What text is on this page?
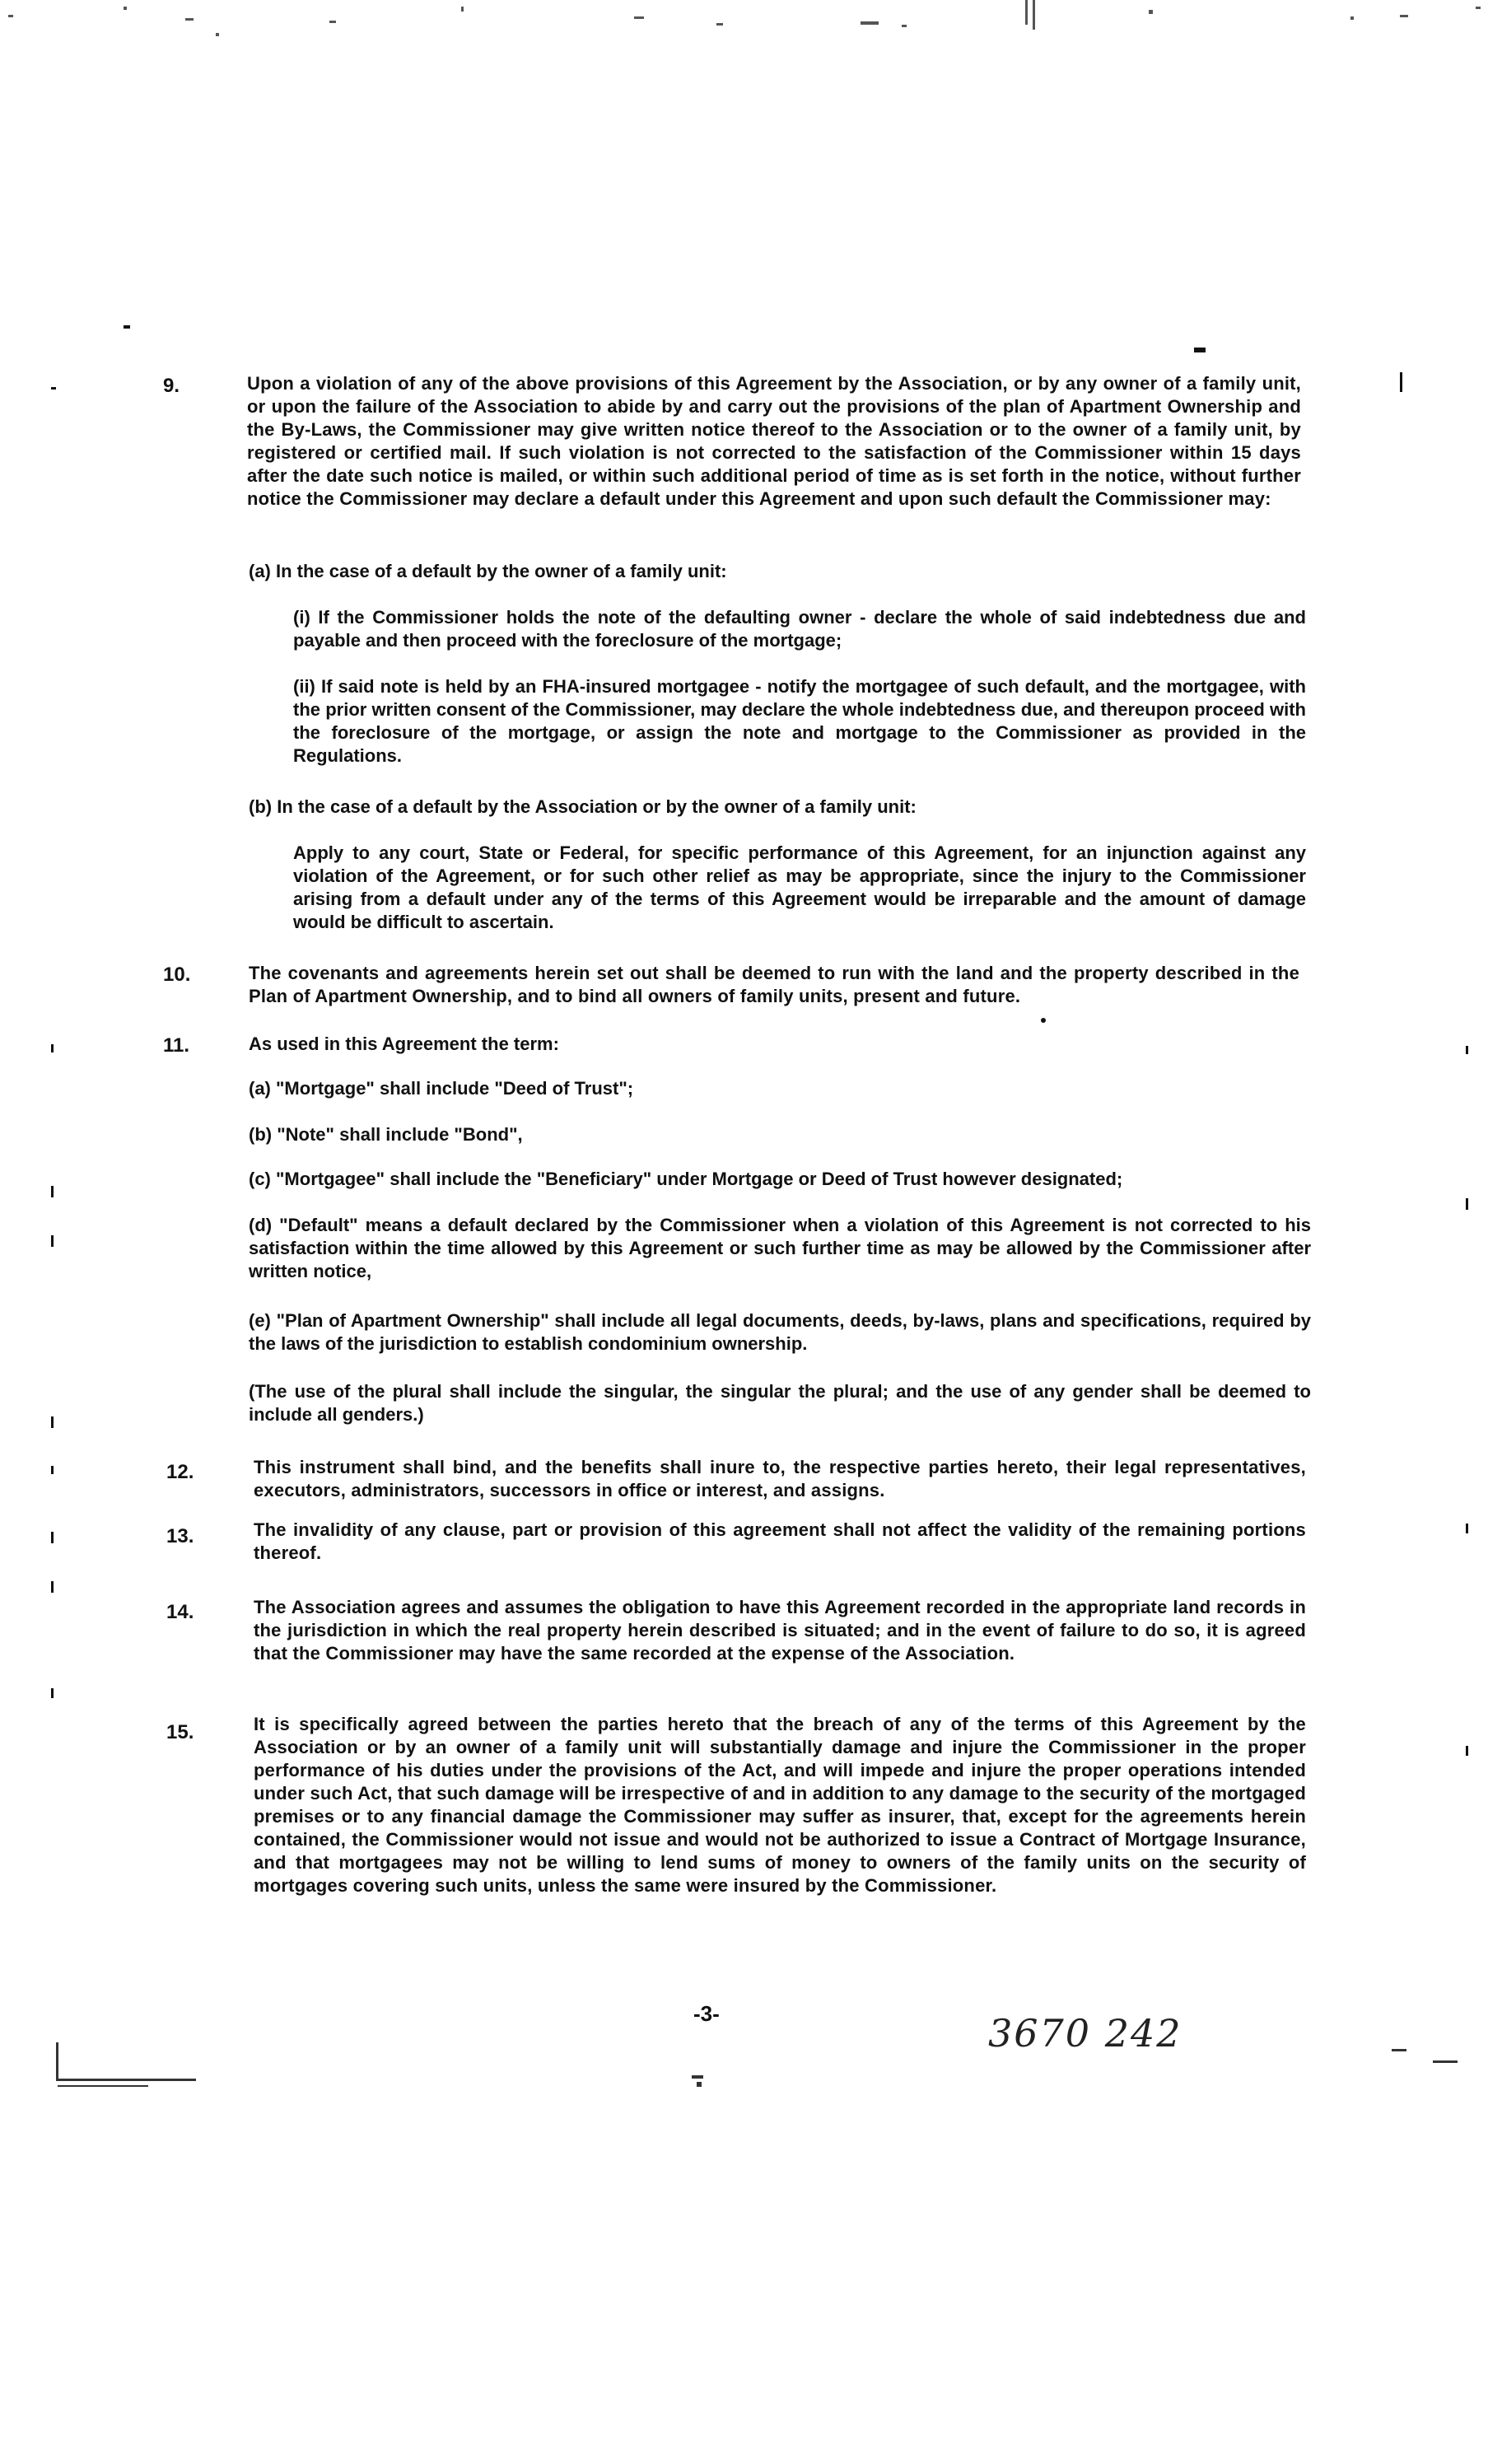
9.	Upon a violation of any of the above provisions of this Agreement by the Association, or by any owner of a family unit, or upon the failure of the Association to abide by and carry out the provisions of the plan of Apartment Ownership and the By-Laws, the Commissioner may give written notice thereof to the Association or to the owner of a family unit, by registered or certified mail. If such violation is not corrected to the satisfaction of the Commissioner within 15 days after the date such notice is mailed, or within such additional period of time as is set forth in the notice, without further notice the Commissioner may declare a default under this Agreement and upon such default the Commissioner may:
(a) In the case of a default by the owner of a family unit:
(i) If the Commissioner holds the note of the defaulting owner - declare the whole of said indebtedness due and payable and then proceed with the foreclosure of the mortgage;
(ii) If said note is held by an FHA-insured mortgagee - notify the mortgagee of such default, and the mortgagee, with the prior written consent of the Commissioner, may declare the whole indebtedness due, and thereupon proceed with the foreclosure of the mortgage, or assign the note and mortgage to the Commissioner as provided in the Regulations.
(b) In the case of a default by the Association or by the owner of a family unit:
Apply to any court, State or Federal, for specific performance of this Agreement, for an injunction against any violation of the Agreement, or for such other relief as may be appropriate, since the injury to the Commissioner arising from a default under any of the terms of this Agreement would be irreparable and the amount of damage would be difficult to ascertain.
10.	The covenants and agreements herein set out shall be deemed to run with the land and the property described in the Plan of Apartment Ownership, and to bind all owners of family units, present and future.
11.	As used in this Agreement the term:
(a) "Mortgage" shall include "Deed of Trust";
(b) "Note" shall include "Bond",
(c) "Mortgagee" shall include the "Beneficiary" under Mortgage or Deed of Trust however designated;
(d) "Default" means a default declared by the Commissioner when a violation of this Agreement is not corrected to his satisfaction within the time allowed by this Agreement or such further time as may be allowed by the Commissioner after written notice,
(e) "Plan of Apartment Ownership" shall include all legal documents, deeds, by-laws, plans and specifications, required by the laws of the jurisdiction to establish condominium ownership.
(The use of the plural shall include the singular, the singular the plural; and the use of any gender shall be deemed to include all genders.)
12.	This instrument shall bind, and the benefits shall inure to, the respective parties hereto, their legal representatives, executors, administrators, successors in office or interest, and assigns.
13.	The invalidity of any clause, part or provision of this agreement shall not affect the validity of the remaining portions thereof.
14.	The Association agrees and assumes the obligation to have this Agreement recorded in the appropriate land records in the jurisdiction in which the real property herein described is situated; and in the event of failure to do so, it is agreed that the Commissioner may have the same recorded at the expense of the Association.
15.	It is specifically agreed between the parties hereto that the breach of any of the terms of this Agreement by the Association or by an owner of a family unit will substantially damage and injure the Commissioner in the proper performance of his duties under the provisions of the Act, and will impede and injure the proper operations intended under such Act, that such damage will be irrespective of and in addition to any damage to the security of the mortgaged premises or to any financial damage the Commissioner may suffer as insurer, that, except for the agreements herein contained, the Commissioner would not issue and would not be authorized to issue a Contract of Mortgage Insurance, and that mortgagees may not be willing to lend sums of money to owners of the family units on the security of mortgages covering such units, unless the same were insured by the Commissioner.
-3-	3670 242
